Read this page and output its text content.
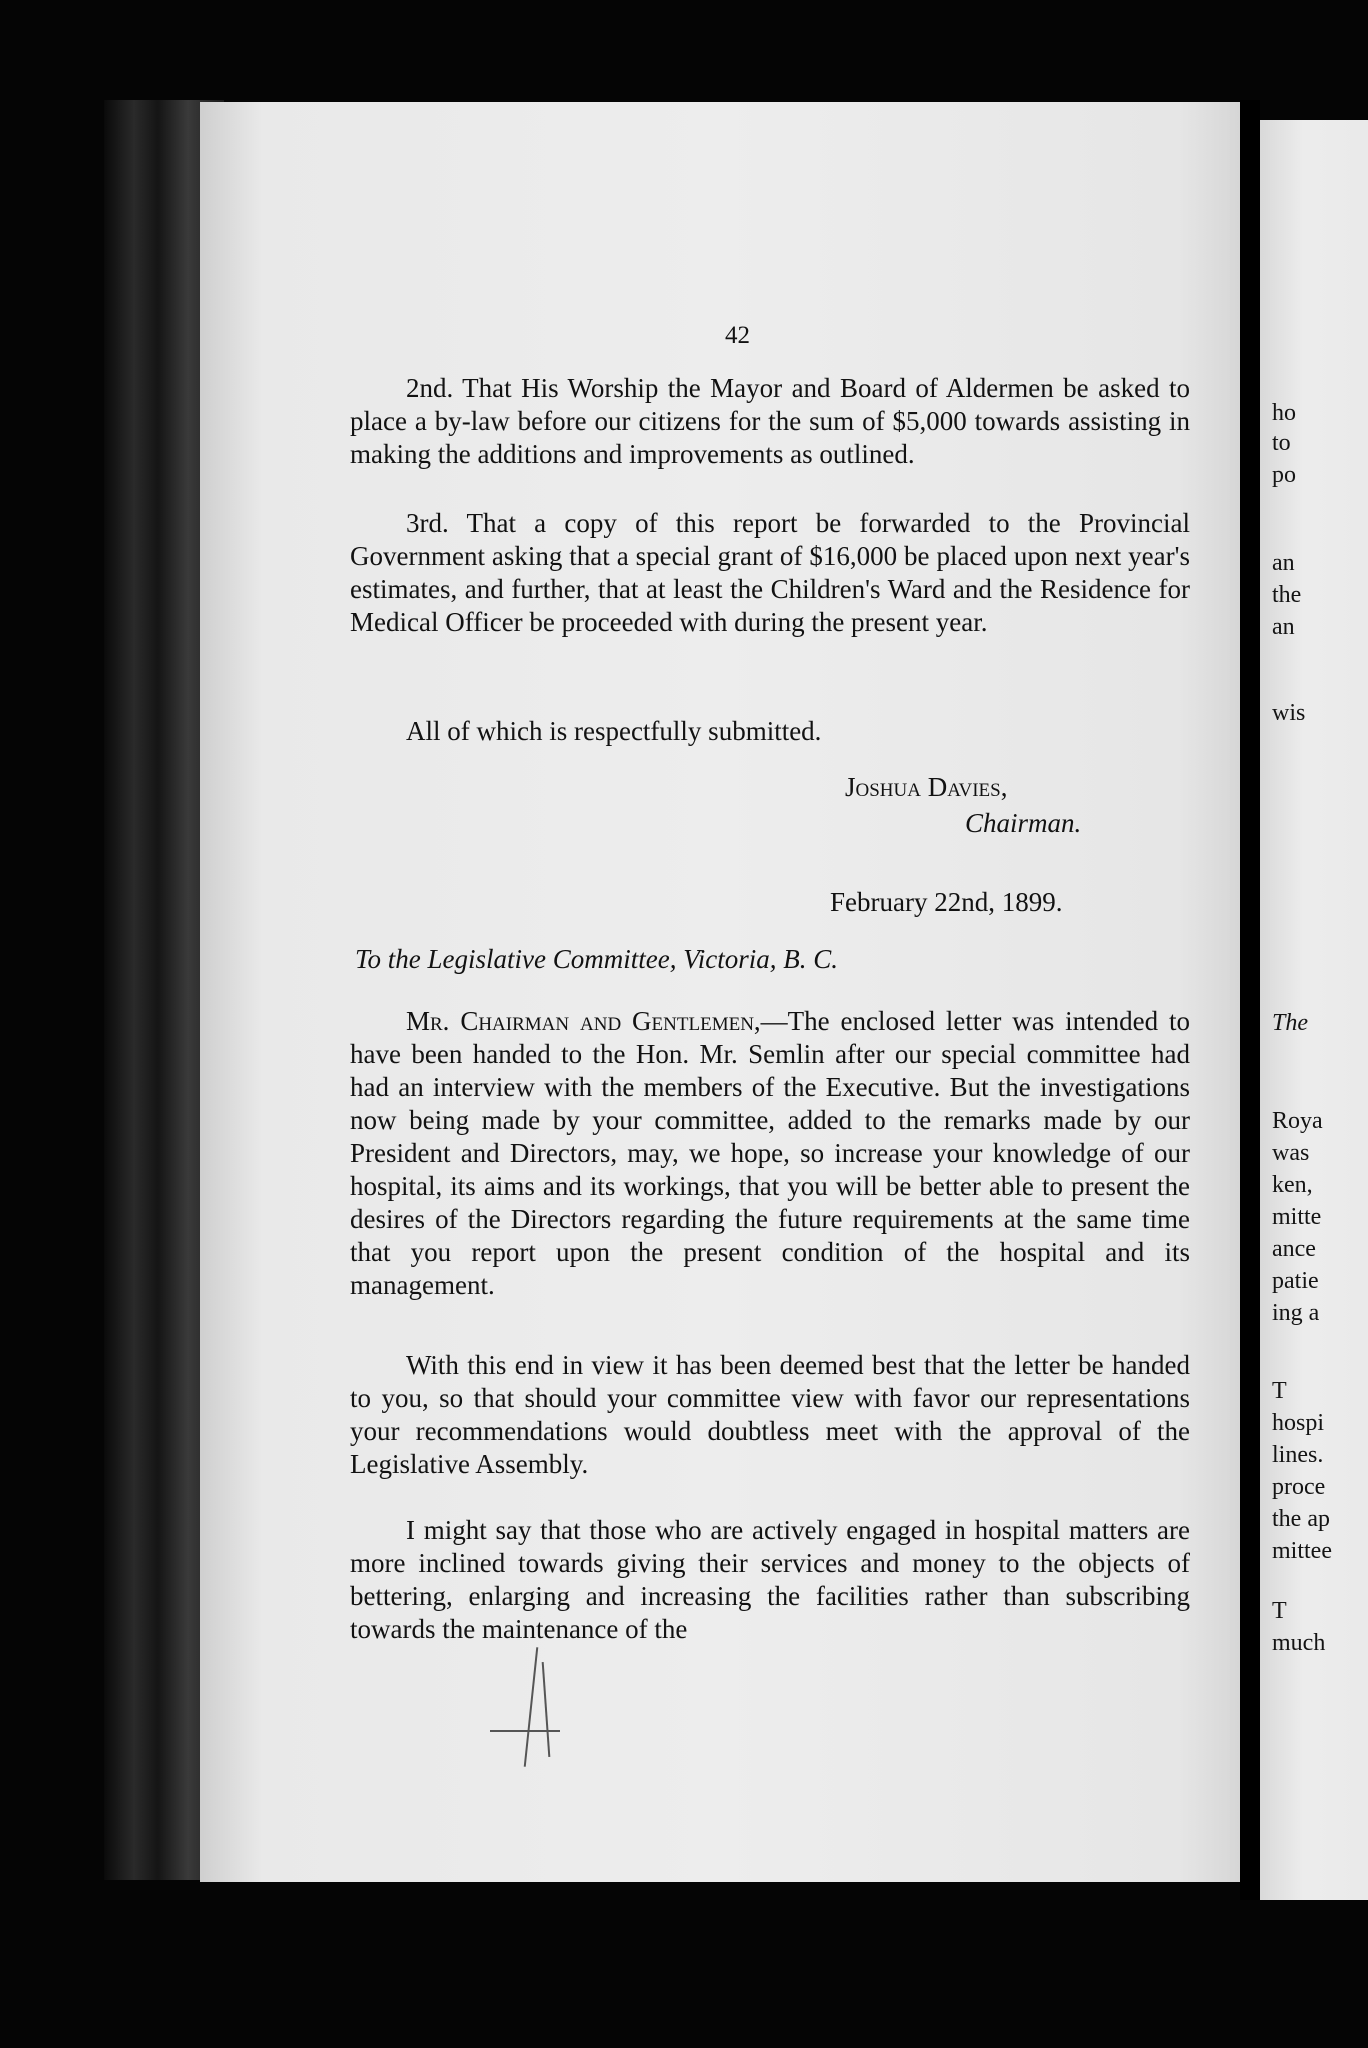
42
2nd. That His Worship the Mayor and Board of Aldermen be asked to place a by-law before our citizens for the sum of $5,000 towards assisting in making the additions and improvements as outlined.
3rd. That a copy of this report be forwarded to the Provincial Government asking that a special grant of $16,000 be placed upon next year's estimates, and further, that at least the Children's Ward and the Residence for Medical Officer be proceeded with during the present year.
All of which is respectfully submitted.
Joshua Davies,
Chairman.
February 22nd, 1899.
To the Legislative Committee, Victoria, B. C.
Mr. Chairman and Gentlemen,—The enclosed letter was intended to have been handed to the Hon. Mr. Semlin after our special committee had had an interview with the members of the Executive. But the investigations now being made by your committee, added to the remarks made by our President and Directors, may, we hope, so increase your knowledge of our hospital, its aims and its workings, that you will be better able to present the desires of the Directors regarding the future requirements at the same time that you report upon the present condition of the hospital and its management.
With this end in view it has been deemed best that the letter be handed to you, so that should your committee view with favor our representations your recommendations would doubtless meet with the approval of the Legislative Assembly.
I might say that those who are actively engaged in hospital matters are more inclined towards giving their services and money to the objects of bettering, enlarging and increasing the facilities rather than subscribing towards the maintenance of the
ho
to
po
an
the
an
wis
The
Roya
was
ken,
mitte
ance
patie
ing a
T
hospi
lines.
proce
the ap
mittee
T
much
